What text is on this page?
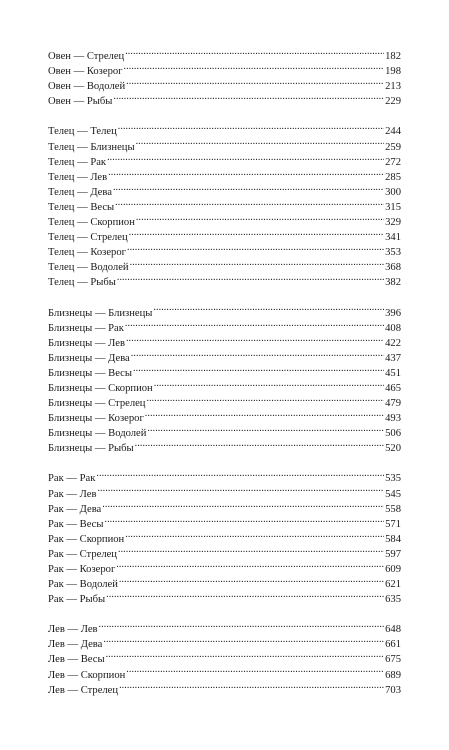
Овен — Стрелец . . .	182
Овен — Козерог . . .	198
Овен — Водолей . . .	213
Овен — Рыбы . . .	229
Телец — Телец . . .	244
Телец — Близнецы . . .	259
Телец — Рак . . .	272
Телец — Лев . . .	285
Телец — Дева . . .	300
Телец — Весы . . .	315
Телец — Скорпион . . .	329
Телец — Стрелец . . .	341
Телец — Козерог . . .	353
Телец — Водолей . . .	368
Телец — Рыбы . . .	382
Близнецы — Близнецы . . .	396
Близнецы — Рак . . .	408
Близнецы — Лев . . .	422
Близнецы — Дева . . .	437
Близнецы — Весы . . .	451
Близнецы — Скорпион . . .	465
Близнецы — Стрелец . . .	479
Близнецы — Козерог . . .	493
Близнецы — Водолей . . .	506
Близнецы — Рыбы . . .	520
Рак — Рак . . .	535
Рак — Лев . . .	545
Рак — Дева . . .	558
Рак — Весы . . .	571
Рак — Скорпион . . .	584
Рак — Стрелец . . .	597
Рак — Козерог . . .	609
Рак — Водолей . . .	621
Рак — Рыбы . . .	635
Лев — Лев . . .	648
Лев — Дева . . .	661
Лев — Весы . . .	675
Лев — Скорпион . . .	689
Лев — Стрелец . . .	703
